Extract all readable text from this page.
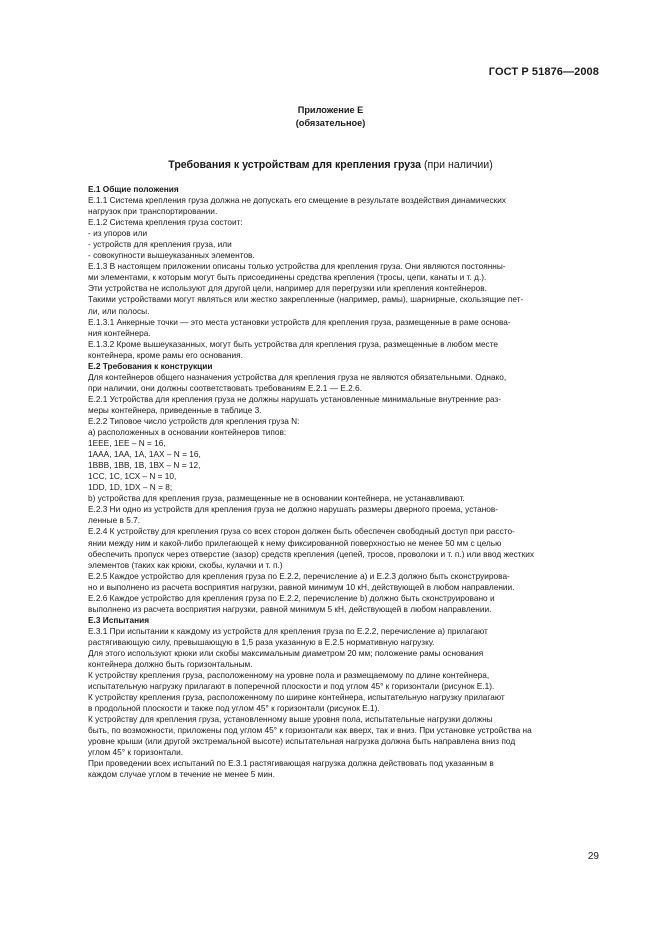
ГОСТ Р 51876—2008
Приложение Е
(обязательное)
Требования к устройствам для крепления груза (при наличии)
Е.1 Общие положения
Е.1.1 Система крепления груза должна не допускать его смещение в результате воздействия динамических
нагрузок при транспортировании.
Е.1.2 Система крепления груза состоит:
- из упоров или
- устройств для крепления груза, или
- совокупности вышеуказанных элементов.
Е.1.3 В настоящем приложении описаны только устройства для крепления груза. Они являются постоянны-
ми элементами, к которым могут быть присоединены средства крепления (тросы, цепи, канаты и т. д.).
Эти устройства не используют для другой цели, например для перегрузки или крепления контейнеров.
Такими устройствами могут являться или жестко закрепленные (например, рамы), шарнирные, скользящие пет-
ли, или полосы.
Е.1.3.1 Анкерные точки — это места установки устройств для крепления груза, размещенные в раме основа-
ния контейнера.
Е.1.3.2 Кроме вышеуказанных, могут быть устройства для крепления груза, размещенные в любом месте
контейнера, кроме рамы его основания.
Е.2 Требования к конструкции
Для контейнеров общего назначения устройства для крепления груза не являются обязательными. Однако,
при наличии, они должны соответствовать требованиям Е.2.1 — Е.2.6.
Е.2.1 Устройства для крепления груза не должны нарушать установленные минимальные внутренние раз-
меры контейнера, приведенные в таблице 3.
Е.2.2 Типовое число устройств для крепления груза N:
а) расположенных в основании контейнеров типов:
1ЕЕЕ, 1ЕЕ – N = 16,
1ААА, 1АА, 1А, 1АХ – N = 16,
1ВВВ, 1ВВ, 1В, 1ВХ – N = 12,
1СС, 1С, 1СХ – N = 10,
1DD, 1D, 1DX – N = 8;
b) устройства для крепления груза, размещенные не в основании контейнера, не устанавливают.
Е.2.3 Ни одно из устройств для крепления груза не должно нарушать размеры дверного проема, установ-
ленные в 5.7.
Е.2.4 К устройству для крепления груза со всех сторон должен быть обеспечен свободный доступ при рассто-
янии между ним и какой-либо прилегающей к нему фиксированной поверхностью не менее 50 мм с целью
обеспечить пропуск через отверстие (зазор) средств крепления (цепей, тросов, проволоки и т. п.) или ввод жестких
элементов (таких как крюки, скобы, кулачки и т. п.)
Е.2.5 Каждое устройство для крепления груза по Е.2.2, перечисление а) и Е.2.3 должно быть сконструирова-
но и выполнено из расчета восприятия нагрузки, равной минимум 10 кН, действующей в любом направлении.
Е.2.6 Каждое устройство для крепления груза по Е.2.2, перечисление b) должно быть сконструировано и
выполнено из расчета восприятия нагрузки, равной минимум 5 кН, действующей в любом направлении.
Е.3 Испытания
Е.3.1 При испытании к каждому из устройств для крепления груза по Е.2.2, перечисление а) прилагают
растягивающую силу, превышающую в 1,5 раза указанную в Е.2.5 нормативную нагрузку.
Для этого используют крюки или скобы максимальным диаметром 20 мм; положение рамы основания
контейнера должно быть горизонтальным.
К устройству крепления груза, расположенному на уровне пола и размещаемому по длине контейнера,
испытательную нагрузку прилагают в поперечной плоскости и под углом 45° к горизонтали (рисунок Е.1).
К устройству крепления груза, расположенному по ширине контейнера, испытательную нагрузку прилагают
в продольной плоскости и также под углом 45° к горизонтали (рисунок Е.1).
К устройству для крепления груза, установленному выше уровня пола, испытательные нагрузки должны
быть, по возможности, приложены под углом 45° к горизонтали как вверх, так и вниз. При установке устройства на
уровне крыши (или другой экстремальной высоте) испытательная нагрузка должна быть направлена вниз под
углом 45° к горизонтали.
При проведении всех испытаний по Е.3.1 растягивающая нагрузка должна действовать под указанным в
каждом случае углом в течение не менее 5 мин.
29
